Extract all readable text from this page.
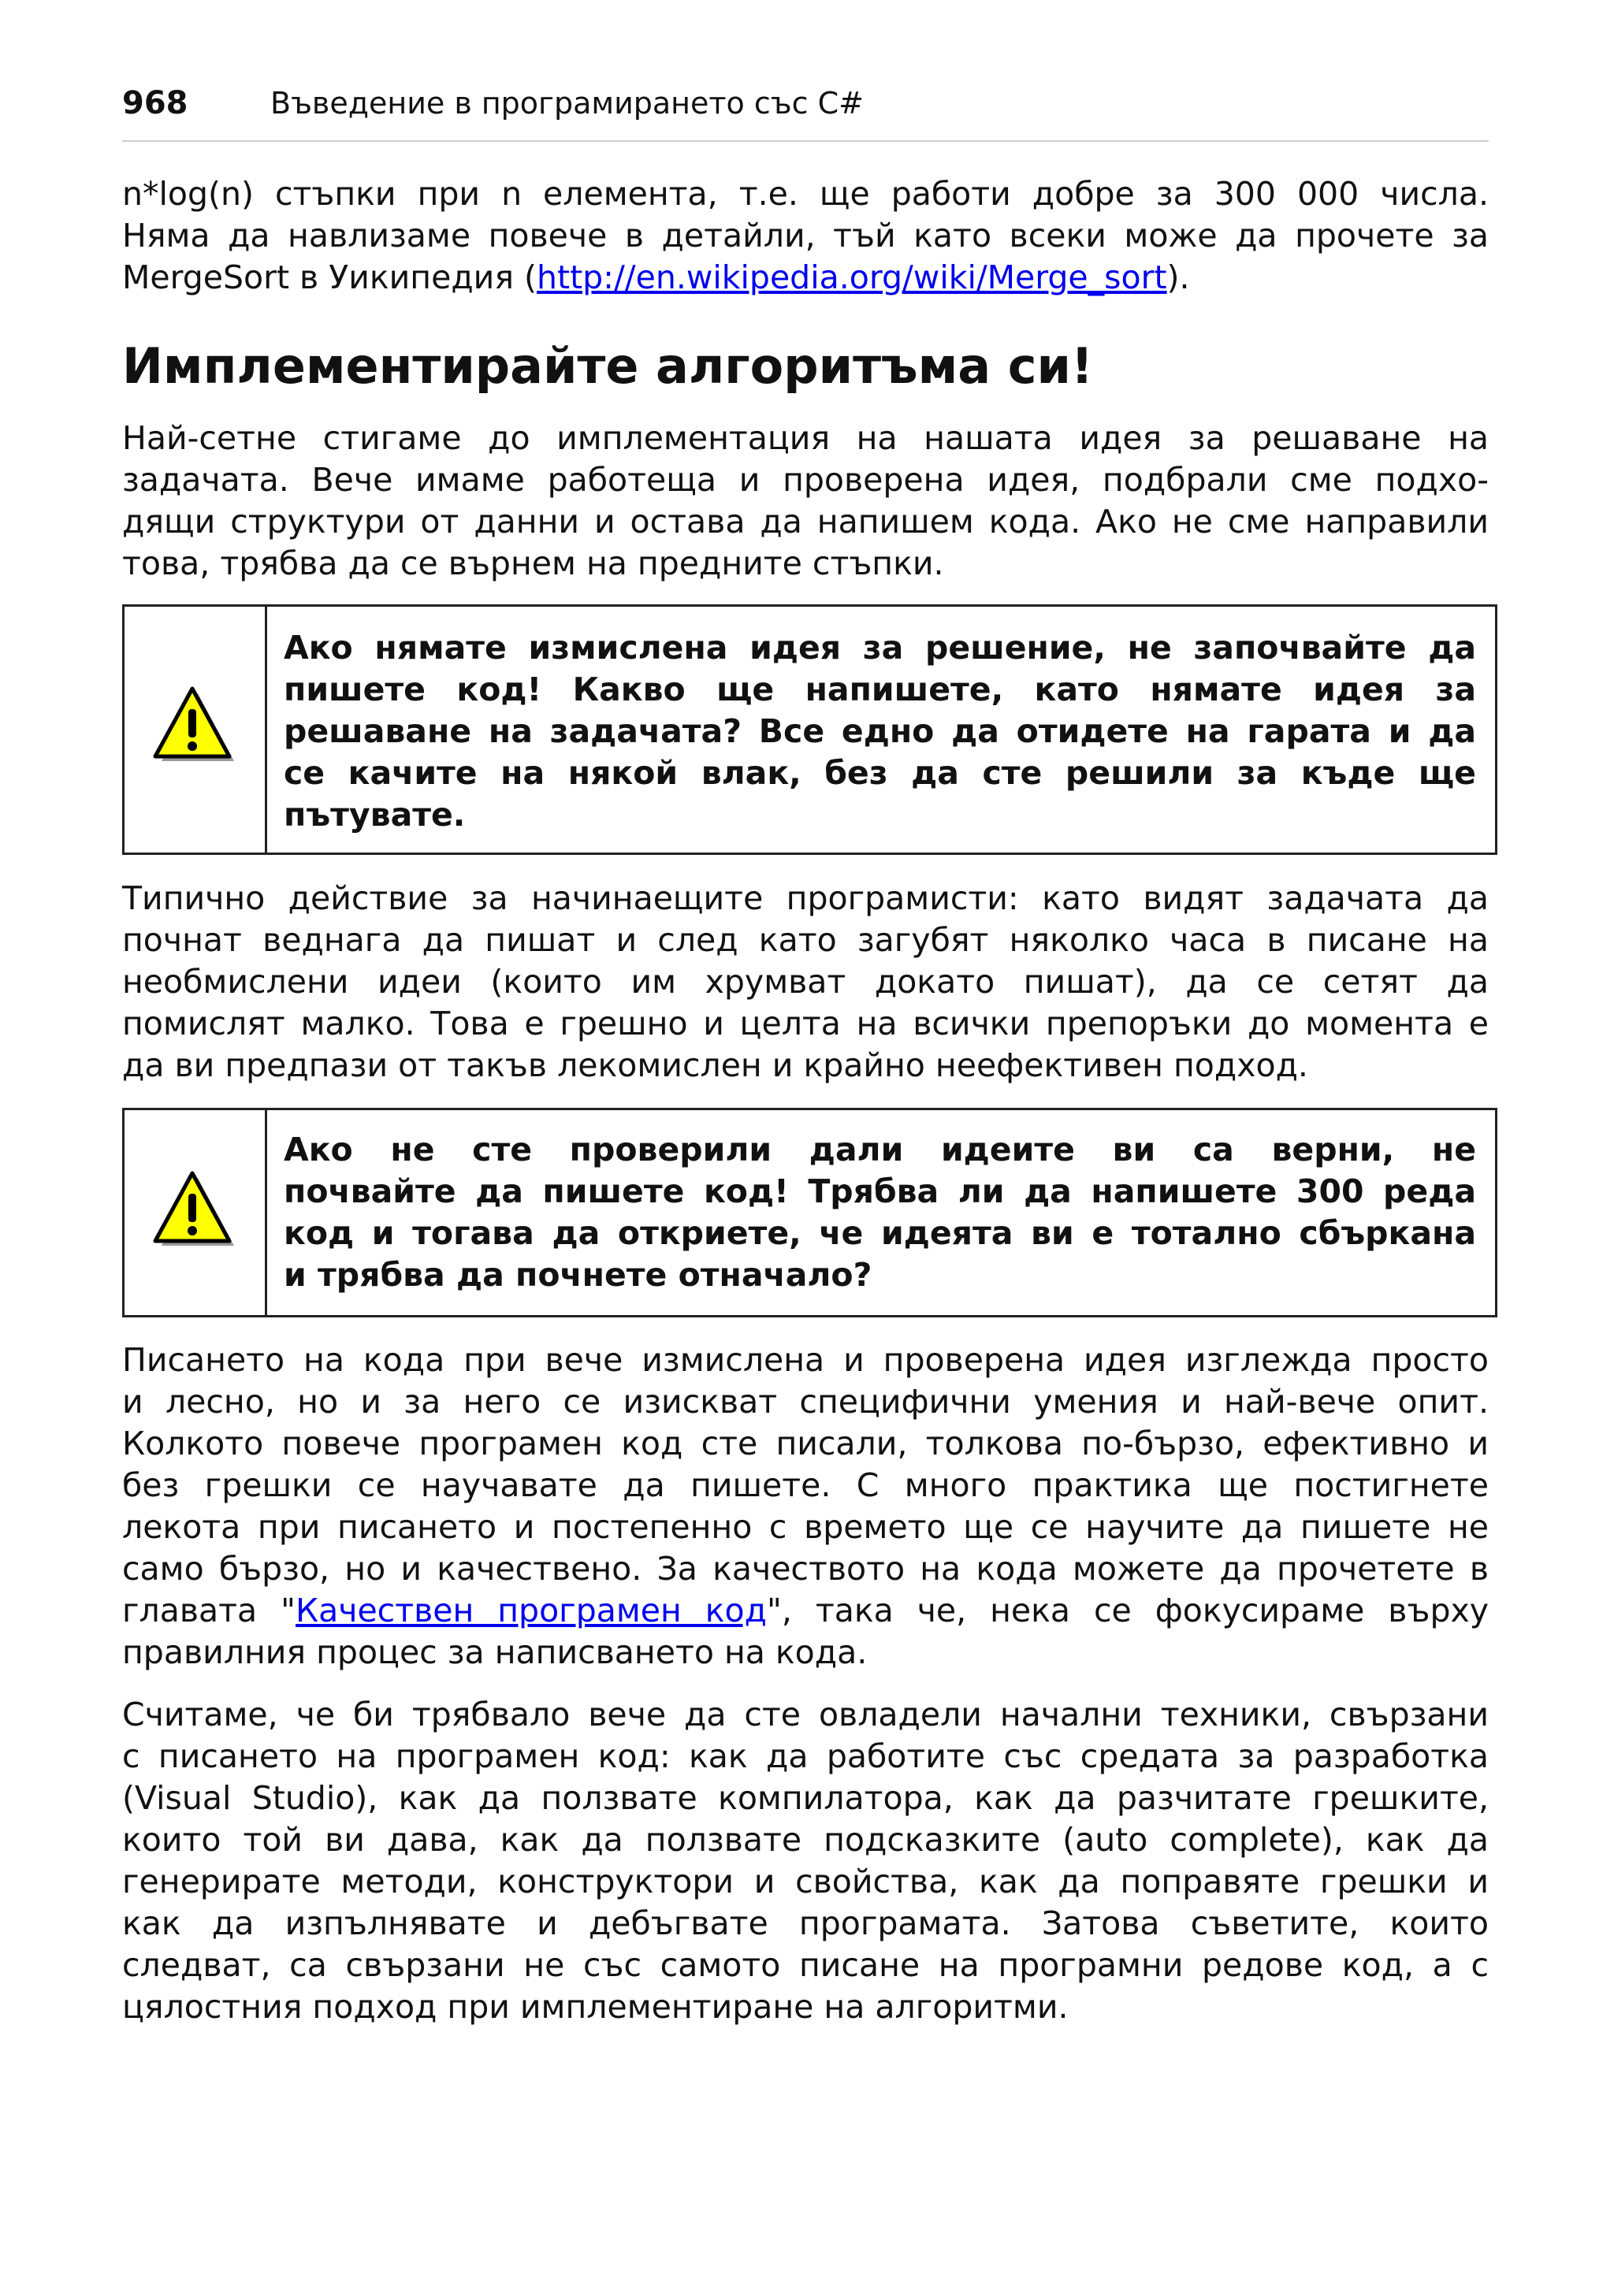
968	Въведение в програмирането със C#

n*log(n) стъпки при n елемента, т.е. ще работи добре за 300 000 числа.
Няма да навлизаме повече в детайли, тъй като всеки може да прочете за
MergeSort в Уикипедия (http://en.wikipedia.org/wiki/Merge_sort).

Имплементирайте алгоритъма си!

Най-сетне стигаме до имплементация на нашата идея за решаване на
задачата. Вече имаме работеща и проверена идея, подбрали сме подхо-
дящи структури от данни и остава да напишем кода. Ако не сме направили
това, трябва да се върнем на предните стъпки.

Ако нямате измислена идея за решение, не започвайте да
пишете код! Какво ще напишете, като нямате идея за
решаване на задачата? Все едно да отидете на гарата и да
се качите на някой влак, без да сте решили за къде ще
пътувате.

Типично действие за начинаещите програмисти: като видят задачата да
почнат веднага да пишат и след като загубят няколко часа в писане на
необмислени идеи (които им хрумват докато пишат), да се сетят да
помислят малко. Това е грешно и целта на всички препоръки до момента е
да ви предпази от такъв лекомислен и крайно неефективен подход.

Ако не сте проверили дали идеите ви са верни, не
почвайте да пишете код! Трябва ли да напишете 300 реда
код и тогава да откриете, че идеята ви е тотално сбъркана
и трябва да почнете отначало?

Писането на кода при вече измислена и проверена идея изглежда просто
и лесно, но и за него се изискват специфични умения и най-вече опит.
Колкото повече програмен код сте писали, толкова по-бързо, ефективно и
без грешки се научавате да пишете. С много практика ще постигнете
лекота при писането и постепенно с времето ще се научите да пишете не
само бързо, но и качествено. За качеството на кода можете да прочетете в
главата "Качествен програмен код", така че, нека се фокусираме върху
правилния процес за написването на кода.

Считаме, че би трябвало вече да сте овладели начални техники, свързани
с писането на програмен код: как да работите със средата за разработка
(Visual Studio), как да ползвате компилатора, как да разчитате грешките,
които той ви дава, как да ползвате подсказките (auto complete), как да
генерирате методи, конструктори и свойства, как да поправяте грешки и
как да изпълнявате и дебъгвате програмата. Затова съветите, които
следват, са свързани не със самото писане на програмни редове код, а с
цялостния подход при имплементиране на алгоритми.
